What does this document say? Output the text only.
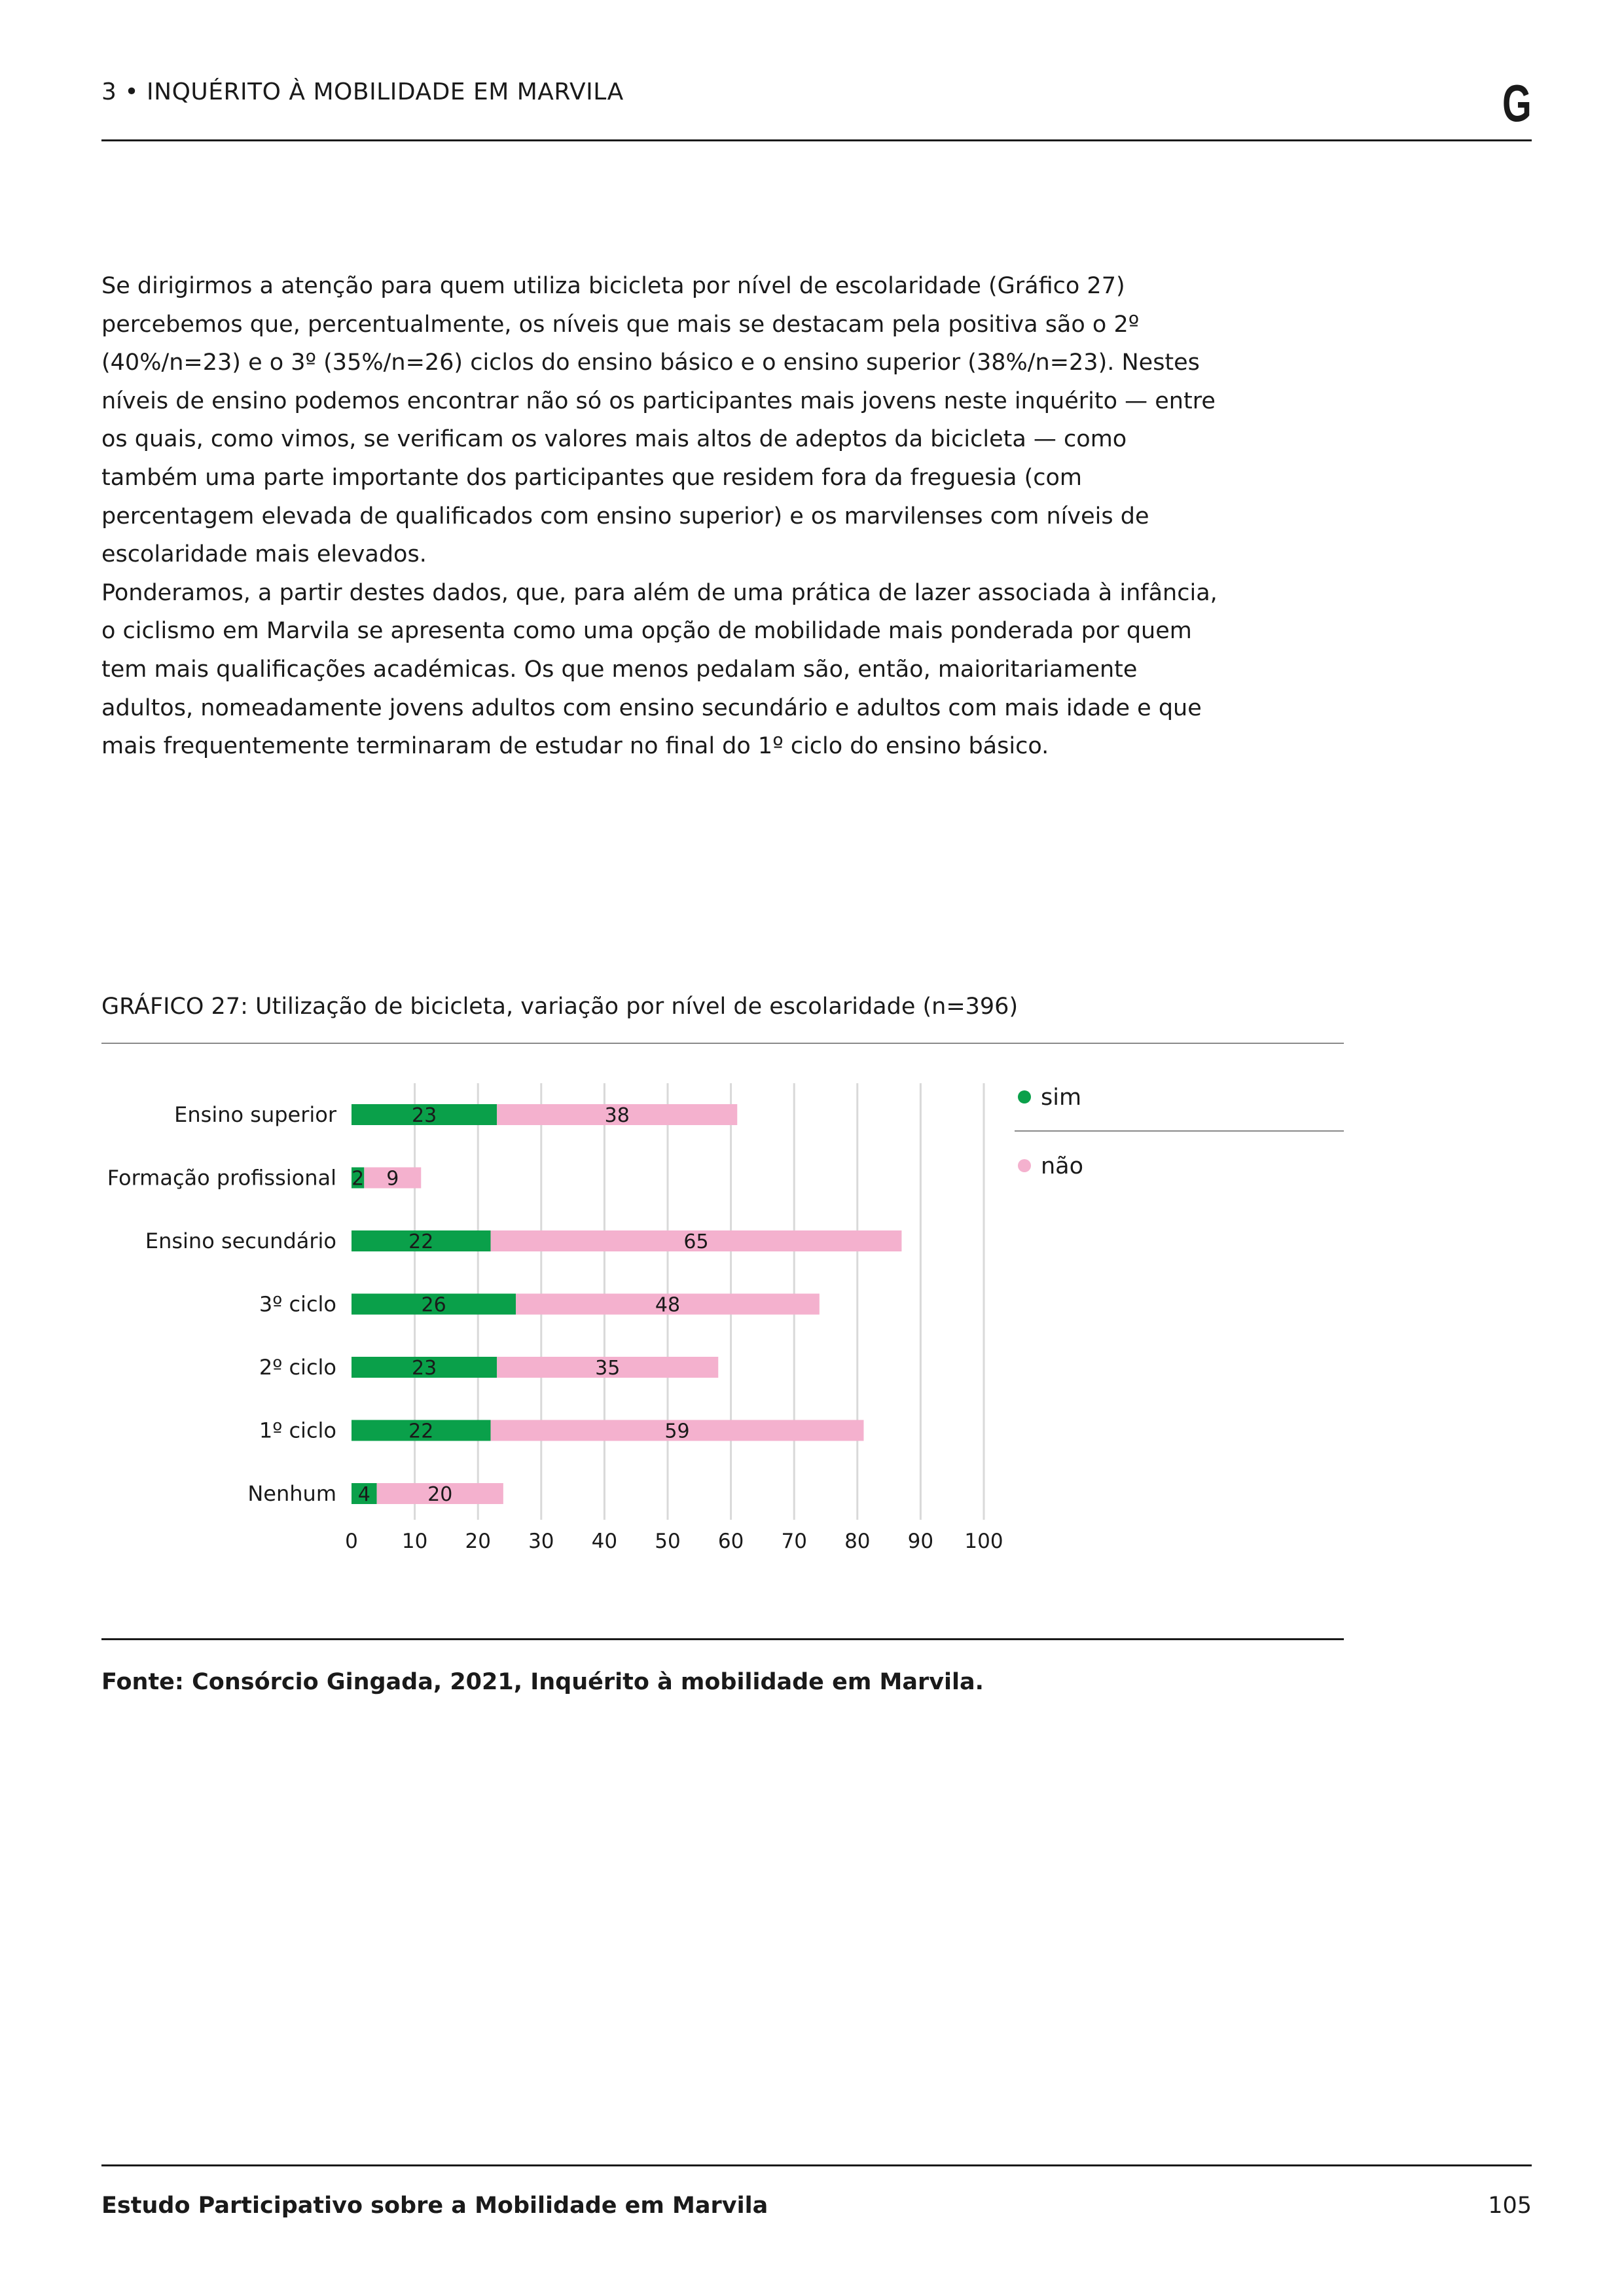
3 • INQUÉRITO À MOBILIDADE EM MARVILA	G

Se dirigirmos a atenção para quem utiliza bicicleta por nível de escolaridade (Gráfico 27) percebemos que, percentualmente, os níveis que mais se destacam pela positiva são o 2º (40%/n=23) e o 3º (35%/n=26) ciclos do ensino básico e o ensino superior (38%/n=23). Nestes níveis de ensino podemos encontrar não só os participantes mais jovens neste inquérito — entre os quais, como vimos, se verificam os valores mais altos de adeptos da bicicleta — como também uma parte importante dos participantes que residem fora da freguesia (com percentagem elevada de qualificados com ensino superior) e os marvilenses com níveis de escolaridade mais elevados.

Ponderamos, a partir destes dados, que, para além de uma prática de lazer associada à infância, o ciclismo em Marvila se apresenta como uma opção de mobilidade mais ponderada por quem tem mais qualificações académicas. Os que menos pedalam são, então, maioritariamente adultos, nomeadamente jovens adultos com ensino secundário e adultos com mais idade e que mais frequentemente terminaram de estudar no final do 1º ciclo do ensino básico.

GRÁFICO 27: Utilização de bicicleta, variação por nível de escolaridade (n=396)
0 10 20 30 40 50 60 70 80 90 100
Ensino superior	23	38
Formação profissional 2 9
Ensino secundário	22	65
3º ciclo	26	48
2º ciclo	23	35
1º ciclo	22	59
Nenhum 4	20
sim
não
Fonte: Consórcio Gingada, 2021, Inquérito à mobilidade em Marvila.
Estudo Participativo sobre a Mobilidade em Marvila	105
